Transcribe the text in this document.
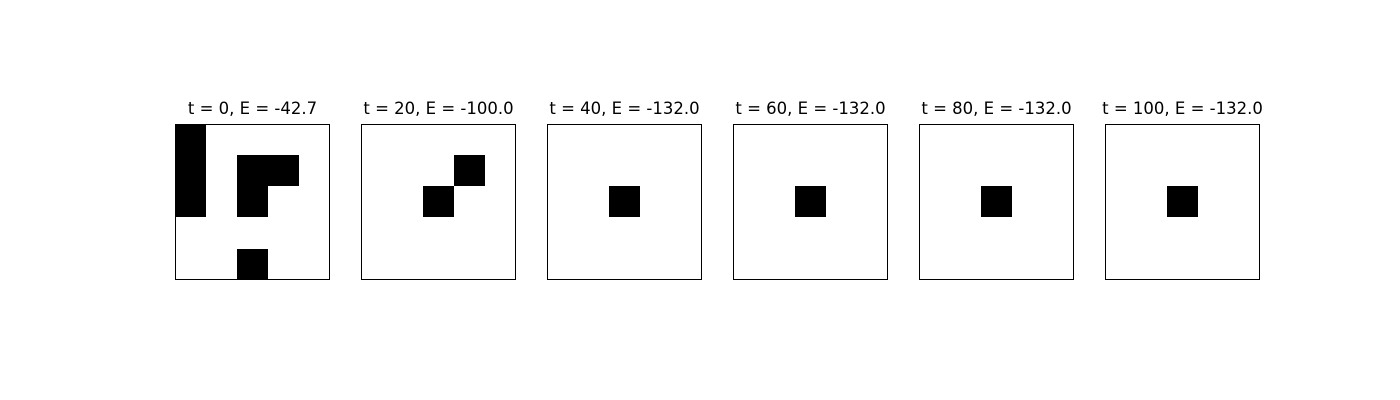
t = 0, E = -42.7	t = 20, E = -100.0	t = 40, E = -132.0	t = 60, E = -132.0	t = 80, E = -132.0	t = 100, E = -132.0
